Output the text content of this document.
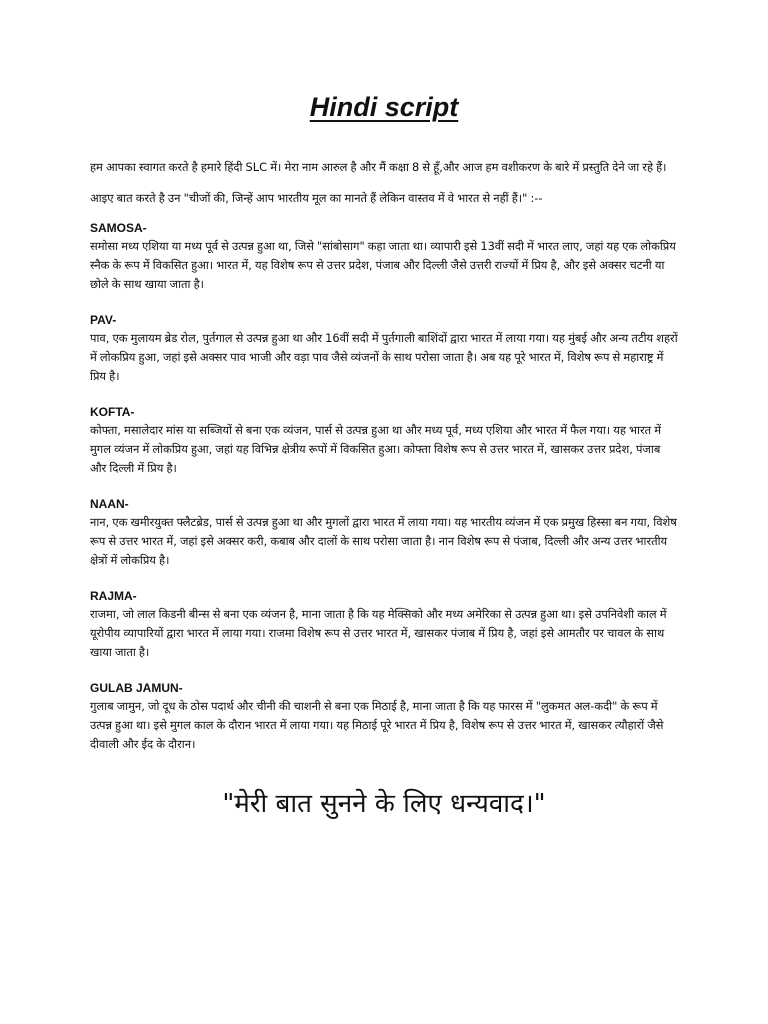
Hindi script

हम आपका स्वागत करते है हमारे हिंदी SLC में। मेरा नाम आरुल है और मैं कक्षा 8 से हूँ,और आज हम वशीकरण के बारे में प्रस्तुति देने जा रहे हैं।

आइए बात करते है उन "चीजों की, जिन्हें आप भारतीय मूल का मानते हैं लेकिन वास्तव में वे भारत से नहीं हैं।" :--

SAMOSA-

समोसा मध्य एशिया या मध्य पूर्व से उत्पन्न हुआ था, जिसे "सांबोसाग" कहा जाता था। व्यापारी इसे 13वीं सदी में भारत लाए, जहां यह एक लोकप्रिय स्नैक के रूप में विकसित हुआ। भारत में, यह विशेष रूप से उत्तर प्रदेश, पंजाब और दिल्ली जैसे उत्तरी राज्यों में प्रिय है, और इसे अक्सर चटनी या छोले के साथ खाया जाता है।

PAV-

पाव, एक मुलायम ब्रेड रोल, पुर्तगाल से उत्पन्न हुआ था और 16वीं सदी में पुर्तगाली बाशिंदों द्वारा भारत में लाया गया। यह मुंबई और अन्य तटीय शहरों में लोकप्रिय हुआ, जहां इसे अक्सर पाव भाजी और वड़ा पाव जैसे व्यंजनों के साथ परोसा जाता है। अब यह पूरे भारत में, विशेष रूप से महाराष्ट्र में प्रिय है।

KOFTA-

कोफ्ता, मसालेदार मांस या सब्जियों से बना एक व्यंजन, पार्स से उत्पन्न हुआ था और मध्य पूर्व, मध्य एशिया और भारत में फैल गया। यह भारत में मुगल व्यंजन में लोकप्रिय हुआ, जहां यह विभिन्न क्षेत्रीय रूपों में विकसित हुआ। कोफ्ता विशेष रूप से उत्तर भारत में, खासकर उत्तर प्रदेश, पंजाब और दिल्ली में प्रिय है।

NAAN-

नान, एक खमीरयुक्त फ्लैटब्रेड, पार्स से उत्पन्न हुआ था और मुगलों द्वारा भारत में लाया गया। यह भारतीय व्यंजन में एक प्रमुख हिस्सा बन गया, विशेष रूप से उत्तर भारत में, जहां इसे अक्सर करी, कबाब और दालों के साथ परोसा जाता है। नान विशेष रूप से पंजाब, दिल्ली और अन्य उत्तर भारतीय क्षेत्रों में लोकप्रिय है।

RAJMA-

राजमा, जो लाल किडनी बीन्स से बना एक व्यंजन है, माना जाता है कि यह मेक्सिको और मध्य अमेरिका से उत्पन्न हुआ था। इसे उपनिवेशी काल में यूरोपीय व्यापारियों द्वारा भारत में लाया गया। राजमा विशेष रूप से उत्तर भारत में, खासकर पंजाब में प्रिय है, जहां इसे आमतौर पर चावल के साथ खाया जाता है।

GULAB JAMUN-

गुलाब जामुन, जो दूध के ठोस पदार्थ और चीनी की चाशनी से बना एक मिठाई है, माना जाता है कि यह फारस में "लुकमत अल-कदी" के रूप में उत्पन्न हुआ था। इसे मुगल काल के दौरान भारत में लाया गया। यह मिठाई पूरे भारत में प्रिय है, विशेष रूप से उत्तर भारत में, खासकर त्यौहारों जैसे दीवाली और ईद के दौरान।

"मेरी बात सुनने के लिए धन्यवाद।"
